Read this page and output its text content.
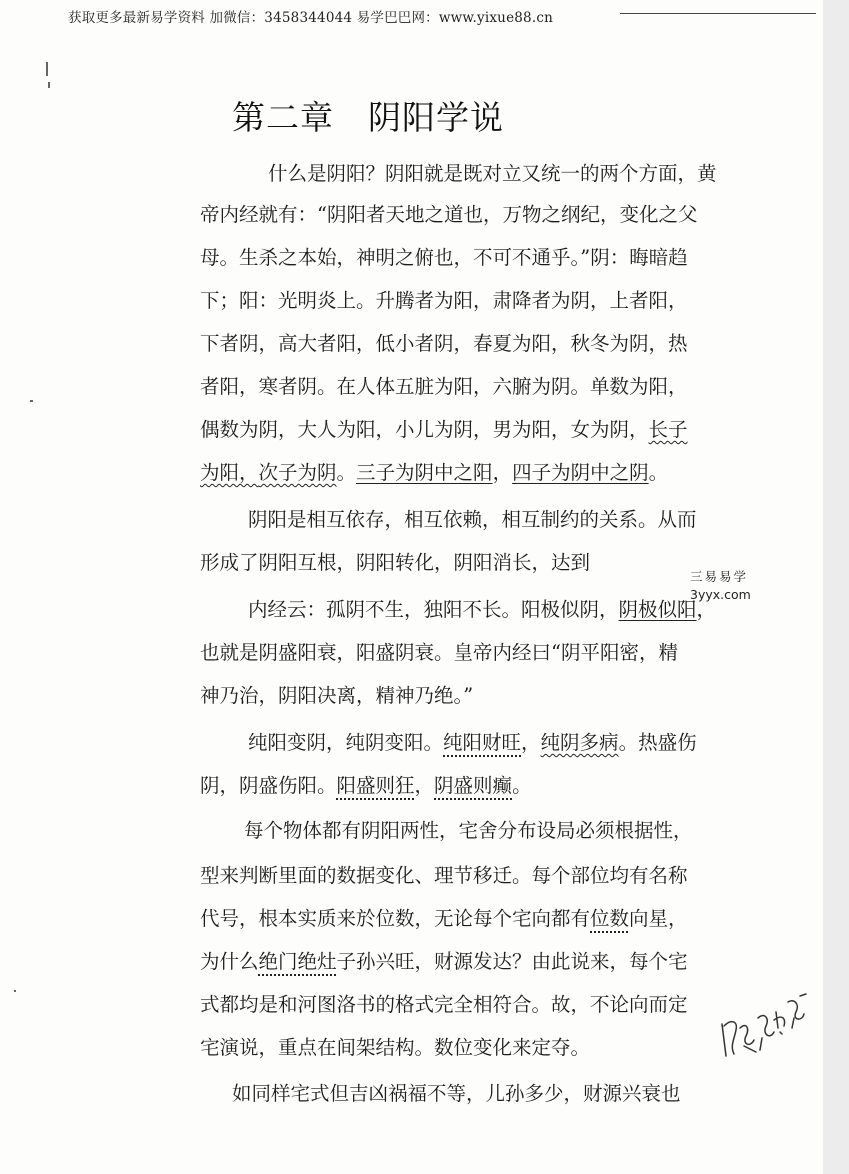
获取更多最新易学资料 加微信：3458344044 易学巴巴网：www.yixue88.cn
第二章 阴阳学说
什么是阴阳？阴阳就是既对立又统一的两个方面，黄
帝内经就有：“阴阳者天地之道也，万物之纲纪，变化之父
母。生杀之本始，神明之俯也，不可不通乎。”阴：晦暗趋
下；阳：光明炎上。升腾者为阳，肃降者为阴，上者阳，
下者阴，高大者阳，低小者阴，春夏为阳，秋冬为阴，热
者阳，寒者阴。在人体五脏为阳，六腑为阴。单数为阳，
偶数为阴，大人为阳，小儿为阴，男为阳，女为阴，长子
为阳，次子为阴。三子为阴中之阳，四子为阴中之阴。
阴阳是相互依存，相互依赖，相互制约的关系。从而
形成了阴阳互根，阴阳转化，阴阳消长，达到
三易易学
3yyx.com
内经云：孤阴不生，独阳不长。阳极似阴，阴极似阳，
也就是阴盛阳衰，阳盛阴衰。皇帝内经曰“阴平阳密，精
神乃治，阴阳决离，精神乃绝。”
纯阳变阴，纯阴变阳。纯阳财旺，纯阴多病。热盛伤
阴，阴盛伤阳。阳盛则狂，阴盛则癫。
每个物体都有阴阳两性，宅舍分布设局必须根据性，
型来判断里面的数据变化、理节移迁。每个部位均有名称
代号，根本实质来於位数，无论每个宅向都有位数向星，
为什么绝门绝灶子孙兴旺，财源发达？由此说来，每个宅
式都均是和河图洛书的格式完全相符合。故，不论向而定
宅演说，重点在间架结构。数位变化来定夺。
如同样宅式但吉凶祸福不等，儿孙多少，财源兴衰也
